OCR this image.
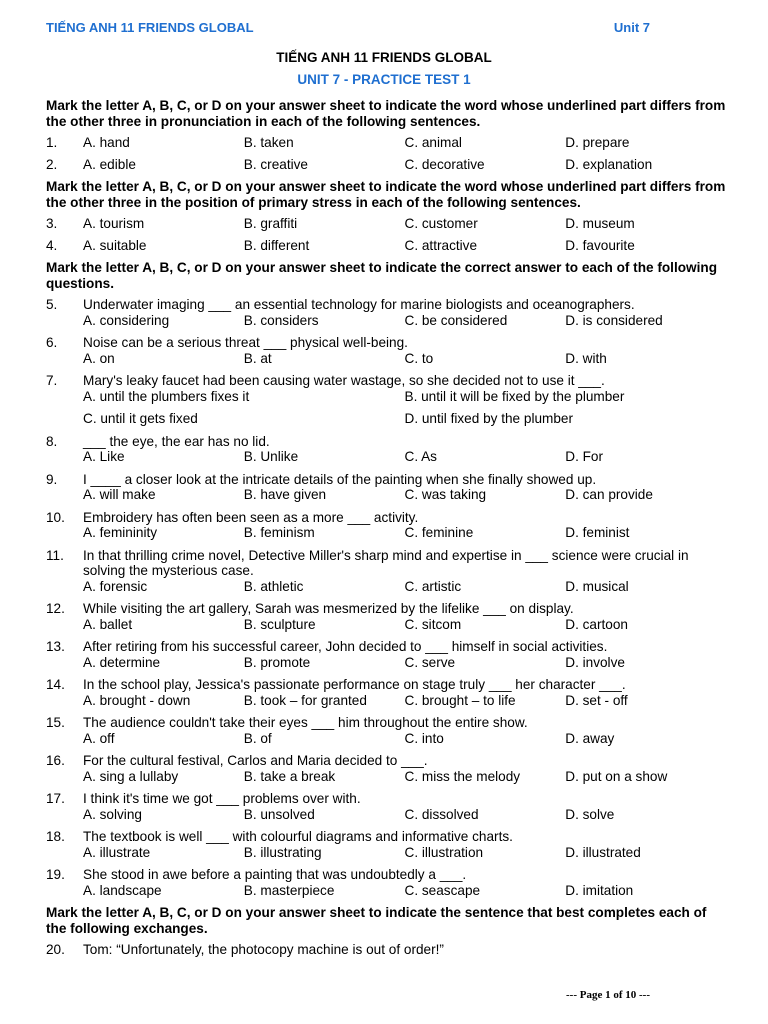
TIẾNG ANH 11 FRIENDS GLOBAL	Unit 7
TIẾNG ANH 11 FRIENDS GLOBAL
UNIT 7 - PRACTICE TEST 1
Mark the letter A, B, C, or D on your answer sheet to indicate the word whose underlined part differs from the other three in pronunciation in each of the following sentences.
1. A. hand	B. taken	C. animal	D. prepare
2. A. edible	B. creative	C. decorative	D. explanation
Mark the letter A, B, C, or D on your answer sheet to indicate the word whose underlined part differs from the other three in the position of primary stress in each of the following sentences.
3. A. tourism	B. graffiti	C. customer	D. museum
4. A. suitable	B. different	C. attractive	D. favourite
Mark the letter A, B, C, or D on your answer sheet to indicate the correct answer to each of the following questions.
5. Underwater imaging ___ an essential technology for marine biologists and oceanographers.
A. considering	B. considers	C. be considered	D. is considered
6. Noise can be a serious threat ___ physical well-being.
A. on	B. at	C. to	D. with
7. Mary's leaky faucet had been causing water wastage, so she decided not to use it ___.
A. until the plumbers fixes it	B. until it will be fixed by the plumber
C. until it gets fixed	D. until fixed by the plumber
8. ___ the eye, the ear has no lid.
A. Like	B. Unlike	C. As	D. For
9. I ____ a closer look at the intricate details of the painting when she finally showed up.
A. will make	B. have given	C. was taking	D. can provide
10. Embroidery has often been seen as a more ___ activity.
A. femininity	B. feminism	C. feminine	D. feminist
11. In that thrilling crime novel, Detective Miller's sharp mind and expertise in ___ science were crucial in solving the mysterious case.
A. forensic	B. athletic	C. artistic	D. musical
12. While visiting the art gallery, Sarah was mesmerized by the lifelike ___ on display.
A. ballet	B. sculpture	C. sitcom	D. cartoon
13. After retiring from his successful career, John decided to ___ himself in social activities.
A. determine	B. promote	C. serve	D. involve
14. In the school play, Jessica's passionate performance on stage truly ___ her character ___.
A. brought - down	B. took – for granted	C. brought – to life	D. set - off
15. The audience couldn't take their eyes ___ him throughout the entire show.
A. off	B. of	C. into	D. away
16. For the cultural festival, Carlos and Maria decided to ___.
A. sing a lullaby	B. take a break	C. miss the melody	D. put on a show
17. I think it's time we got ___ problems over with.
A. solving	B. unsolved	C. dissolved	D. solve
18. The textbook is well ___ with colourful diagrams and informative charts.
A. illustrate	B. illustrating	C. illustration	D. illustrated
19. She stood in awe before a painting that was undoubtedly a ___.
A. landscape	B. masterpiece	C. seascape	D. imitation
Mark the letter A, B, C, or D on your answer sheet to indicate the sentence that best completes each of the following exchanges.
20. Tom: “Unfortunately, the photocopy machine is out of order!”
--- Page 1 of 10 ---
